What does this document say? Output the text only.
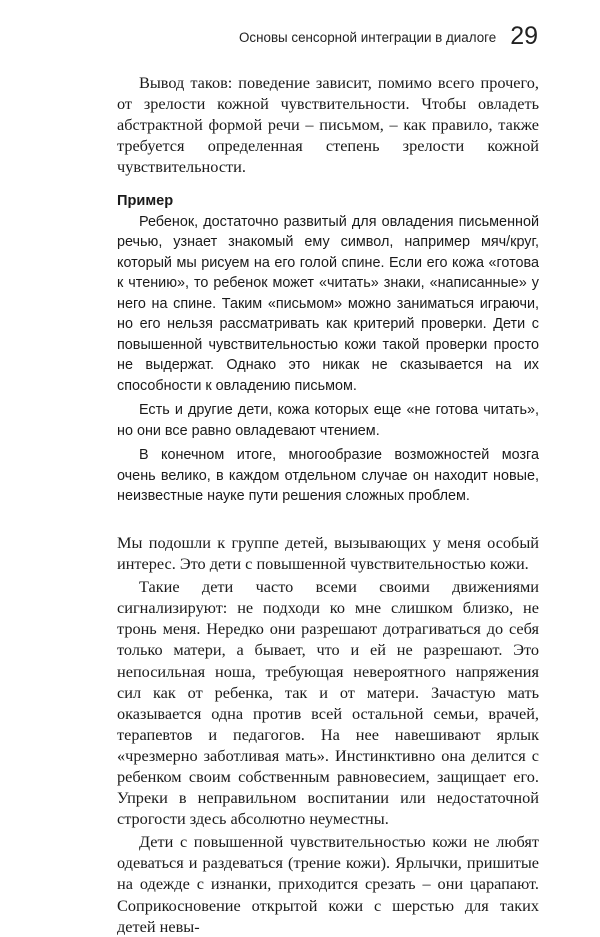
Основы сенсорной интеграции в диалоге 29

Вывод таков: поведение зависит, помимо всего прочего, от зрелости кожной чувствительности. Чтобы овладеть абстрактной формой речи – письмом, – как правило, также требуется определенная степень зрелости кожной чувствительности.

Пример

Ребенок, достаточно развитый для овладения письменной речью, узнает знакомый ему символ, например мяч/круг, который мы рисуем на его голой спине. Если его кожа «готова к чтению», то ребенок может «читать» знаки, «написанные» у него на спине. Таким «письмом» можно заниматься играючи, но его нельзя рассматривать как критерий проверки. Дети с повышенной чувствительностью кожи такой проверки просто не выдержат. Однако это никак не сказывается на их способности к овладению письмом.

Есть и другие дети, кожа которых еще «не готова читать», но они все равно овладевают чтением.

В конечном итоге, многообразие возможностей мозга очень велико, в каждом отдельном случае он находит новые, неизвестные науке пути решения сложных проблем.

Мы подошли к группе детей, вызывающих у меня особый интерес. Это дети с повышенной чувствительностью кожи.

Такие дети часто всеми своими движениями сигнализируют: не подходи ко мне слишком близко, не тронь меня. Нередко они разрешают дотрагиваться до себя только матери, а бывает, что и ей не разрешают. Это непосильная ноша, требующая невероятного напряжения сил как от ребенка, так и от матери. Зачастую мать оказывается одна против всей остальной семьи, врачей, терапевтов и педагогов. На нее навешивают ярлык «чрезмерно заботливая мать». Инстинктивно она делится с ребенком своим собственным равновесием, защищает его. Упреки в неправильном воспитании или недостаточной строгости здесь абсолютно неуместны.

Дети с повышенной чувствительностью кожи не любят одеваться и раздеваться (трение кожи). Ярлычки, пришитые на одежде с изнанки, приходится срезать – они царапают. Соприкосновение открытой кожи с шерстью для таких детей невы-
